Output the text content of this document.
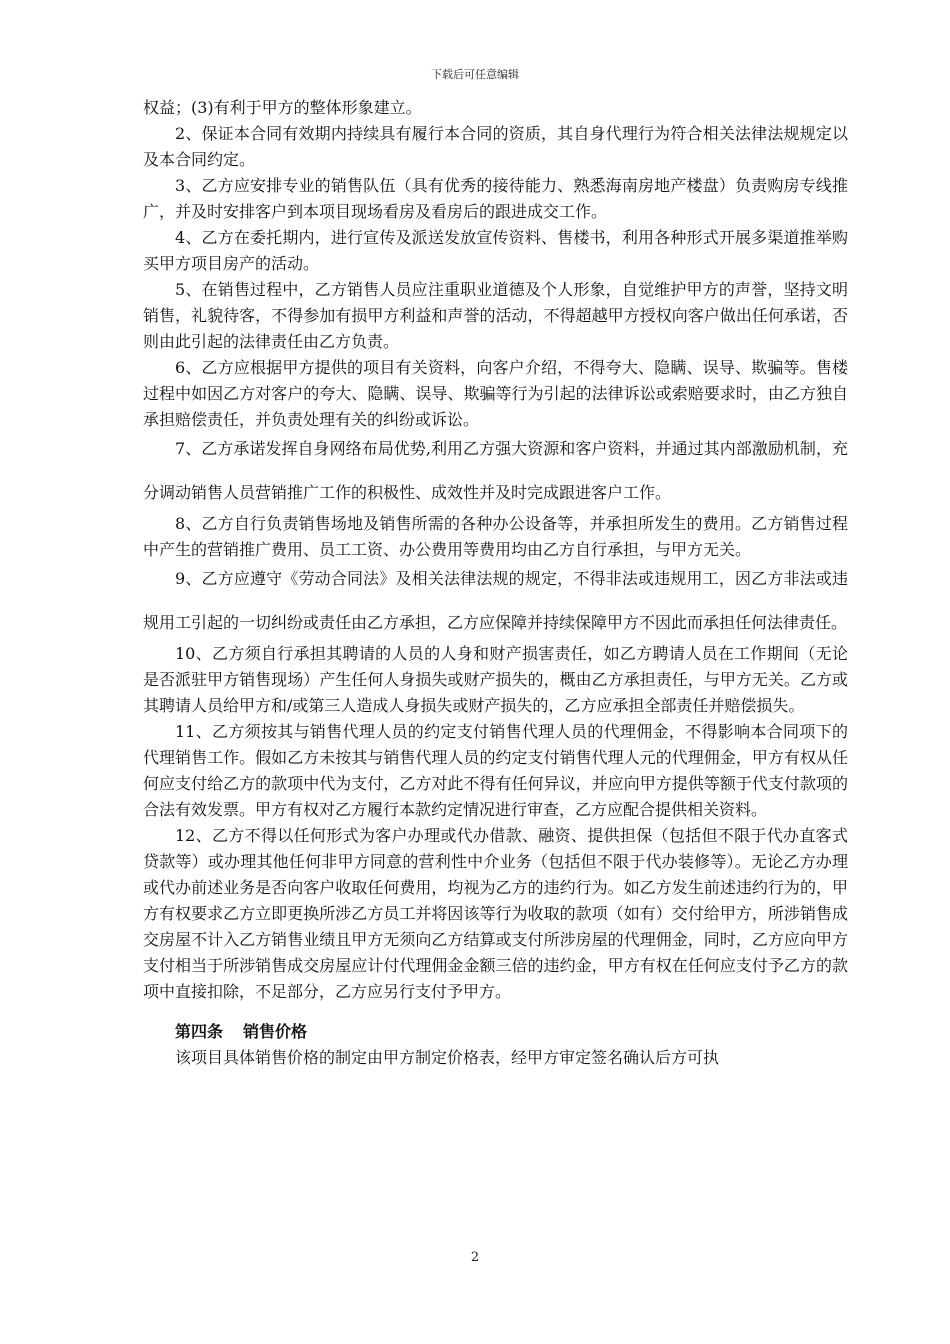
下载后可任意编辑

权益；(3)有利于甲方的整体形象建立。

2、保证本合同有效期内持续具有履行本合同的资质，其自身代理行为符合相关法律法规规定以及本合同约定。

3、乙方应安排专业的销售队伍（具有优秀的接待能力、熟悉海南房地产楼盘）负责购房专线推广，并及时安排客户到本项目现场看房及看房后的跟进成交工作。

4、乙方在委托期内，进行宣传及派送发放宣传资料、售楼书，利用各种形式开展多渠道推举购买甲方项目房产的活动。

5、在销售过程中，乙方销售人员应注重职业道德及个人形象，自觉维护甲方的声誉，坚持文明销售，礼貌待客，不得参加有损甲方利益和声誉的活动，不得超越甲方授权向客户做出任何承诺，否则由此引起的法律责任由乙方负责。

6、乙方应根据甲方提供的项目有关资料，向客户介绍，不得夸大、隐瞒、误导、欺骗等。售楼过程中如因乙方对客户的夸大、隐瞒、误导、欺骗等行为引起的法律诉讼或索赔要求时，由乙方独自承担赔偿责任，并负责处理有关的纠纷或诉讼。

7、乙方承诺发挥自身网络布局优势,利用乙方强大资源和客户资料，并通过其内部激励机制，充分调动销售人员营销推广工作的积极性、成效性并及时完成跟进客户工作。

8、乙方自行负责销售场地及销售所需的各种办公设备等，并承担所发生的费用。乙方销售过程中产生的营销推广费用、员工工资、办公费用等费用均由乙方自行承担，与甲方无关。

9、乙方应遵守《劳动合同法》及相关法律法规的规定，不得非法或违规用工，因乙方非法或违规用工引起的一切纠纷或责任由乙方承担，乙方应保障并持续保障甲方不因此而承担任何法律责任。

10、乙方须自行承担其聘请的人员的人身和财产损害责任，如乙方聘请人员在工作期间（无论是否派驻甲方销售现场）产生任何人身损失或财产损失的，概由乙方承担责任，与甲方无关。乙方或其聘请人员给甲方和/或第三人造成人身损失或财产损失的，乙方应承担全部责任并赔偿损失。

11、乙方须按其与销售代理人员的约定支付销售代理人员的代理佣金，不得影响本合同项下的代理销售工作。假如乙方未按其与销售代理人员的约定支付销售代理人元的代理佣金，甲方有权从任何应支付给乙方的款项中代为支付，乙方对此不得有任何异议，并应向甲方提供等额于代支付款项的合法有效发票。甲方有权对乙方履行本款约定情况进行审查，乙方应配合提供相关资料。

12、乙方不得以任何形式为客户办理或代办借款、融资、提供担保（包括但不限于代办直客式贷款等）或办理其他任何非甲方同意的营利性中介业务（包括但不限于代办装修等）。无论乙方办理或代办前述业务是否向客户收取任何费用，均视为乙方的违约行为。如乙方发生前述违约行为的，甲方有权要求乙方立即更换所涉乙方员工并将因该等行为收取的款项（如有）交付给甲方，所涉销售成交房屋不计入乙方销售业绩且甲方无须向乙方结算或支付所涉房屋的代理佣金，同时，乙方应向甲方支付相当于所涉销售成交房屋应计付代理佣金金额三倍的违约金，甲方有权在任何应支付予乙方的款项中直接扣除，不足部分，乙方应另行支付予甲方。

第四条 销售价格

该项目具体销售价格的制定由甲方制定价格表，经甲方审定签名确认后方可执

2
